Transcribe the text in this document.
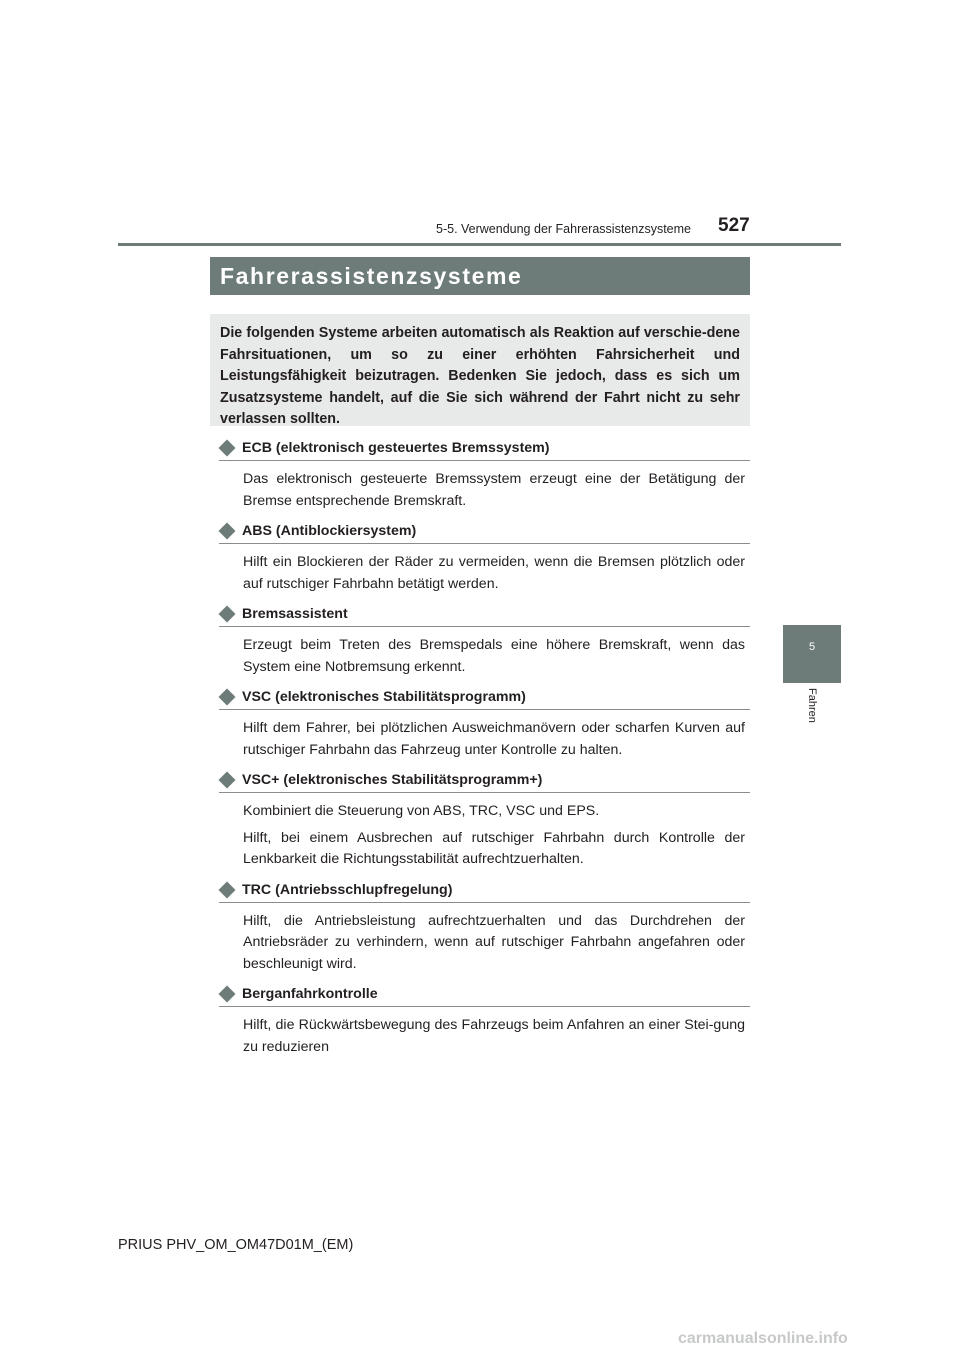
5-5. Verwendung der Fahrerassistenzsysteme 527
5
Fahren
Fahrerassistenzsysteme
Die folgenden Systeme arbeiten automatisch als Reaktion auf verschie-dene Fahrsituationen, um so zu einer erhöhten Fahrsicherheit und Leistungsfähigkeit beizutragen. Bedenken Sie jedoch, dass es sich um Zusatzsysteme handelt, auf die Sie sich während der Fahrt nicht zu sehr verlassen sollten.
ECB (elektronisch gesteuertes Bremssystem)

Das elektronisch gesteuerte Bremssystem erzeugt eine der Betätigung der Bremse entsprechende Bremskraft.

ABS (Antiblockiersystem)

Hilft ein Blockieren der Räder zu vermeiden, wenn die Bremsen plötzlich oder auf rutschiger Fahrbahn betätigt werden.

Bremsassistent

Erzeugt beim Treten des Bremspedals eine höhere Bremskraft, wenn das System eine Notbremsung erkennt.

VSC (elektronisches Stabilitätsprogramm)

Hilft dem Fahrer, bei plötzlichen Ausweichmanövern oder scharfen Kurven auf rutschiger Fahrbahn das Fahrzeug unter Kontrolle zu halten.

VSC+ (elektronisches Stabilitätsprogramm+)

Kombiniert die Steuerung von ABS, TRC, VSC und EPS.

Hilft, bei einem Ausbrechen auf rutschiger Fahrbahn durch Kontrolle der Lenkbarkeit die Richtungsstabilität aufrechtzuerhalten.

TRC (Antriebsschlupfregelung)

Hilft, die Antriebsleistung aufrechtzuerhalten und das Durchdrehen der Antriebsräder zu verhindern, wenn auf rutschiger Fahrbahn angefahren oder beschleunigt wird.

Berganfahrkontrolle

Hilft, die Rückwärtsbewegung des Fahrzeugs beim Anfahren an einer Stei-gung zu reduzieren

PRIUS PHV_OM_OM47D01M_(EM)
carmanualsonline.info
